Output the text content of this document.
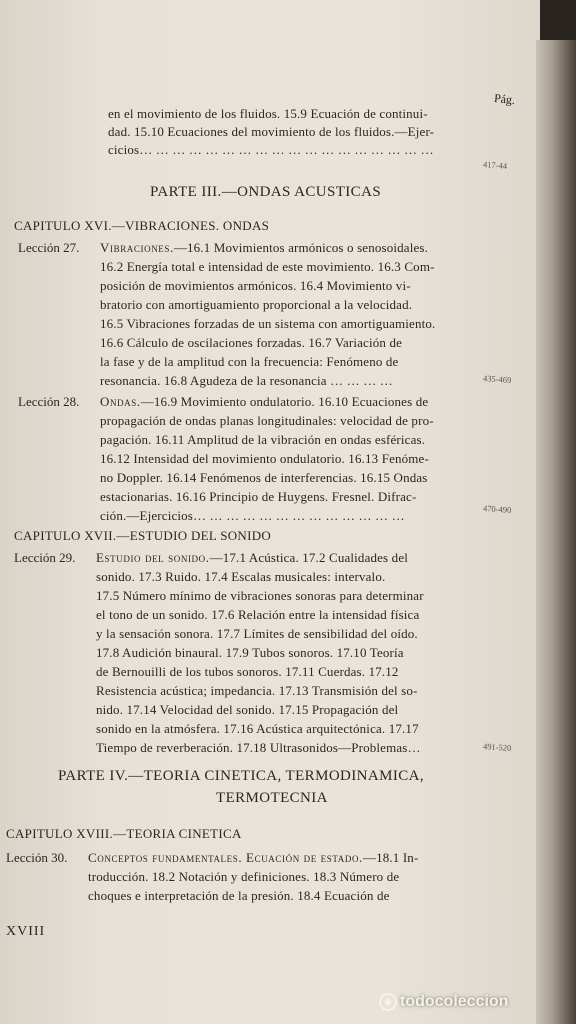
Pág.
en el movimiento de los fluidos. 15.9 Ecuación de continui-
dad. 15.10 Ecuaciones del movimiento de los fluidos.—Ejer-
cicios… … … … … … … … … … … … … … … … … …
417-44
PARTE III.—ONDAS ACUSTICAS
CAPITULO XVI.—VIBRACIONES. ONDAS
Lección 27. Vibraciones.—16.1 Movimientos armónicos o senosoidales.
16.2 Energía total e intensidad de este movimiento. 16.3 Com-
posición de movimientos armónicos. 16.4 Movimiento vi-
bratorio con amortiguamiento proporcional a la velocidad.
16.5 Vibraciones forzadas de un sistema con amortiguamiento.
16.6 Cálculo de oscilaciones forzadas. 16.7 Variación de
la fase y de la amplitud con la frecuencia: Fenómeno de
resonancia. 16.8 Agudeza de la resonancia … … … …	435-469
Lección 28. Ondas.—16.9 Movimiento ondulatorio. 16.10 Ecuaciones de
propagación de ondas planas longitudinales: velocidad de pro-
pagación. 16.11 Amplitud de la vibración en ondas esféricas.
16.12 Intensidad del movimiento ondulatorio. 16.13 Fenóme-
no Doppler. 16.14 Fenómenos de interferencias. 16.15 Ondas
estacionarias. 16.16 Principio de Huygens. Fresnel. Difrac-
ción.—Ejercicios… … … … … … … … … … … … …	470-490
CAPITULO XVII.—ESTUDIO DEL SONIDO
Lección 29. Estudio del sonido.—17.1 Acústica. 17.2 Cualidades del
sonido. 17.3 Ruido. 17.4 Escalas musicales: intervalo.
17.5 Número mínimo de vibraciones sonoras para determinar
el tono de un sonido. 17.6 Relación entre la intensidad física
y la sensación sonora. 17.7 Límites de sensibilidad del oído.
17.8 Audición binaural. 17.9 Tubos sonoros. 17.10 Teoría
de Bernouilli de los tubos sonoros. 17.11 Cuerdas. 17.12
Resistencia acústica; impedancia. 17.13 Transmisión del so-
nido. 17.14 Velocidad del sonido. 17.15 Propagación del
sonido en la atmósfera. 17.16 Acústica arquitectónica. 17.17
Tiempo de reverberación. 17.18 Ultrasonidos—Problemas…	491-520
PARTE IV.—TEORIA CINETICA, TERMODINAMICA,
TERMOTECNIA
CAPITULO XVIII.—TEORIA CINETICA
Lección 30. Conceptos fundamentales. Ecuación de estado.—18.1 In-
troducción. 18.2 Notación y definiciones. 18.3 Número de
choques e interpretación de la presión. 18.4 Ecuación de
XVIII
todocoleccion
